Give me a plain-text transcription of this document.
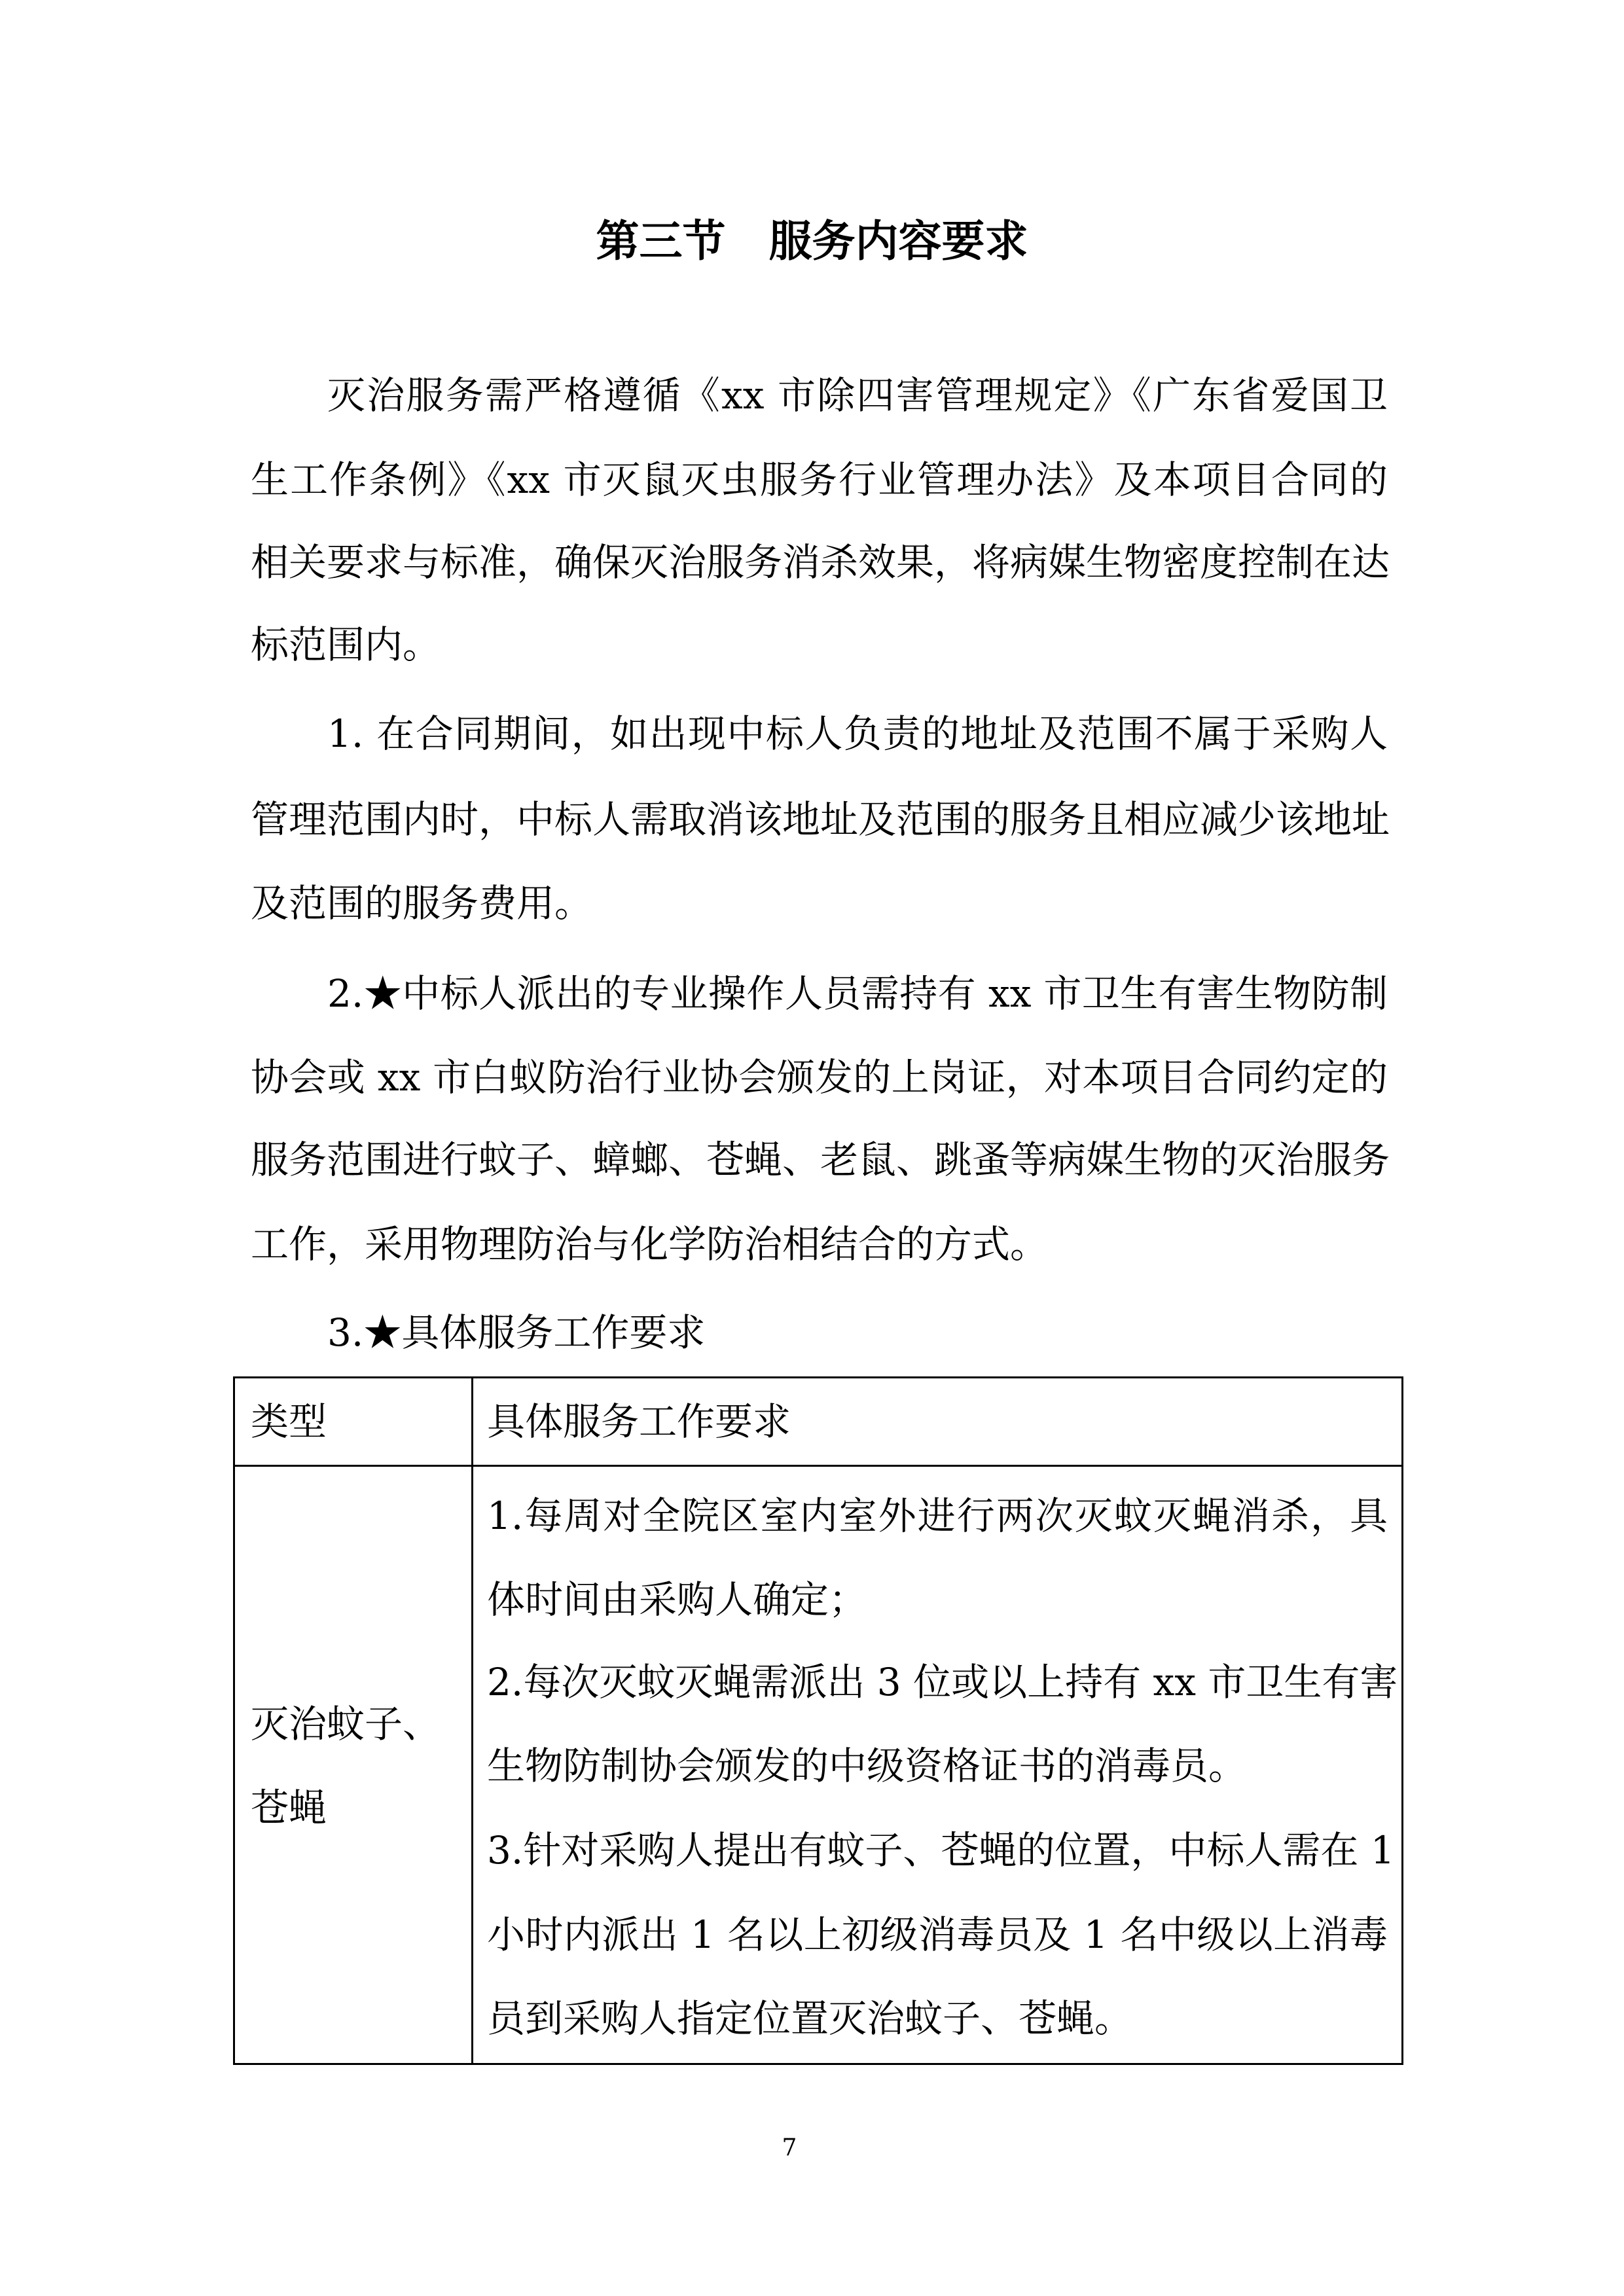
第三节　服务内容要求
灭治服务需严格遵循《xx 市除四害管理规定》《广东省爱国卫
生工作条例》《xx 市灭鼠灭虫服务行业管理办法》及本项目合同的
相关要求与标准，确保灭治服务消杀效果，将病媒生物密度控制在达
标范围内。
1. 在合同期间，如出现中标人负责的地址及范围不属于采购人
管理范围内时，中标人需取消该地址及范围的服务且相应减少该地址
及范围的服务费用。
2.★中标人派出的专业操作人员需持有 xx 市卫生有害生物防制
协会或 xx 市白蚁防治行业协会颁发的上岗证，对本项目合同约定的
服务范围进行蚊子、蟑螂、苍蝇、老鼠、跳蚤等病媒生物的灭治服务
工作，采用物理防治与化学防治相结合的方式。
3.★具体服务工作要求
类型	具体服务工作要求
灭治蚊子、
苍蝇
1.每周对全院区室内室外进行两次灭蚊灭蝇消杀，具
体时间由采购人确定；
2.每次灭蚊灭蝇需派出 3 位或以上持有 xx 市卫生有害
生物防制协会颁发的中级资格证书的消毒员。
3.针对采购人提出有蚊子、苍蝇的位置，中标人需在 1
小时内派出 1 名以上初级消毒员及 1 名中级以上消毒
员到采购人指定位置灭治蚊子、苍蝇。
7
